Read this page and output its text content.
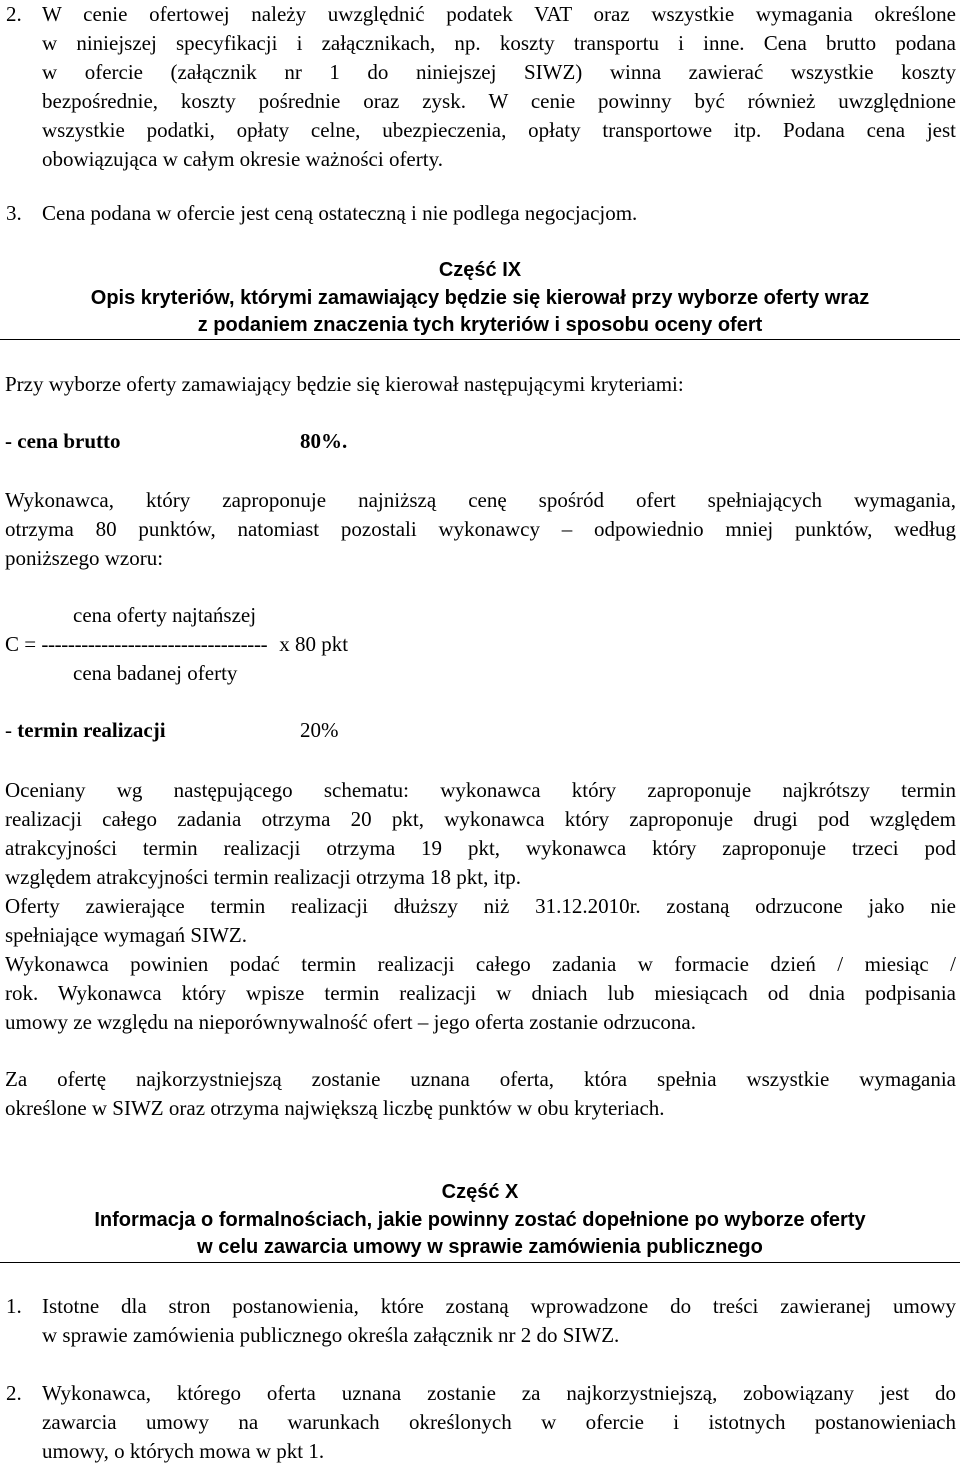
2. W cenie ofertowej należy uwzględnić podatek VAT oraz wszystkie wymagania określone
w niniejszej specyfikacji i załącznikach, np. koszty transportu i inne. Cena brutto podana
w ofercie (załącznik nr 1 do niniejszej SIWZ) winna zawierać wszystkie koszty
bezpośrednie, koszty pośrednie oraz zysk. W cenie powinny być również uwzględnione
wszystkie podatki, opłaty celne, ubezpieczenia, opłaty transportowe itp. Podana cena jest
obowiązująca w całym okresie ważności oferty.
3. Cena podana w ofercie jest ceną ostateczną i nie podlega negocjacjom.
Część IX
Opis kryteriów, którymi zamawiający będzie się kierował przy wyborze oferty wraz
z podaniem znaczenia tych kryteriów i sposobu oceny ofert
Przy wyborze oferty zamawiający będzie się kierował następującymi kryteriami:
- cena brutto	80%.
Wykonawca, który zaproponuje najniższą cenę spośród ofert spełniających wymagania,
otrzyma 80 punktów, natomiast pozostali wykonawcy – odpowiednio mniej punktów, według
poniższego wzoru:
cena oferty najtańszej
C = ---------------------------------- x 80 pkt
cena badanej oferty
- termin realizacji	20%
Oceniany wg następującego schematu: wykonawca który zaproponuje najkrótszy termin
realizacji całego zadania otrzyma 20 pkt, wykonawca który zaproponuje drugi pod względem
atrakcyjności termin realizacji otrzyma 19 pkt, wykonawca który zaproponuje trzeci pod
względem atrakcyjności termin realizacji otrzyma 18 pkt, itp.
Oferty zawierające termin realizacji dłuższy niż 31.12.2010r. zostaną odrzucone jako nie
spełniające wymagań SIWZ.
Wykonawca powinien podać termin realizacji całego zadania w formacie dzień / miesiąc /
rok. Wykonawca który wpisze termin realizacji w dniach lub miesiącach od dnia podpisania
umowy ze względu na nieporównywalność ofert – jego oferta zostanie odrzucona.
Za ofertę najkorzystniejszą zostanie uznana oferta, która spełnia wszystkie wymagania
określone w SIWZ oraz otrzyma największą liczbę punktów w obu kryteriach.
Część X
Informacja o formalnościach, jakie powinny zostać dopełnione po wyborze oferty
w celu zawarcia umowy w sprawie zamówienia publicznego
1. Istotne dla stron postanowienia, które zostaną wprowadzone do treści zawieranej umowy
w sprawie zamówienia publicznego określa załącznik nr 2 do SIWZ.
2. Wykonawca, którego oferta uznana zostanie za najkorzystniejszą, zobowiązany jest do
zawarcia umowy na warunkach określonych w ofercie i istotnych postanowieniach
umowy, o których mowa w pkt 1.
